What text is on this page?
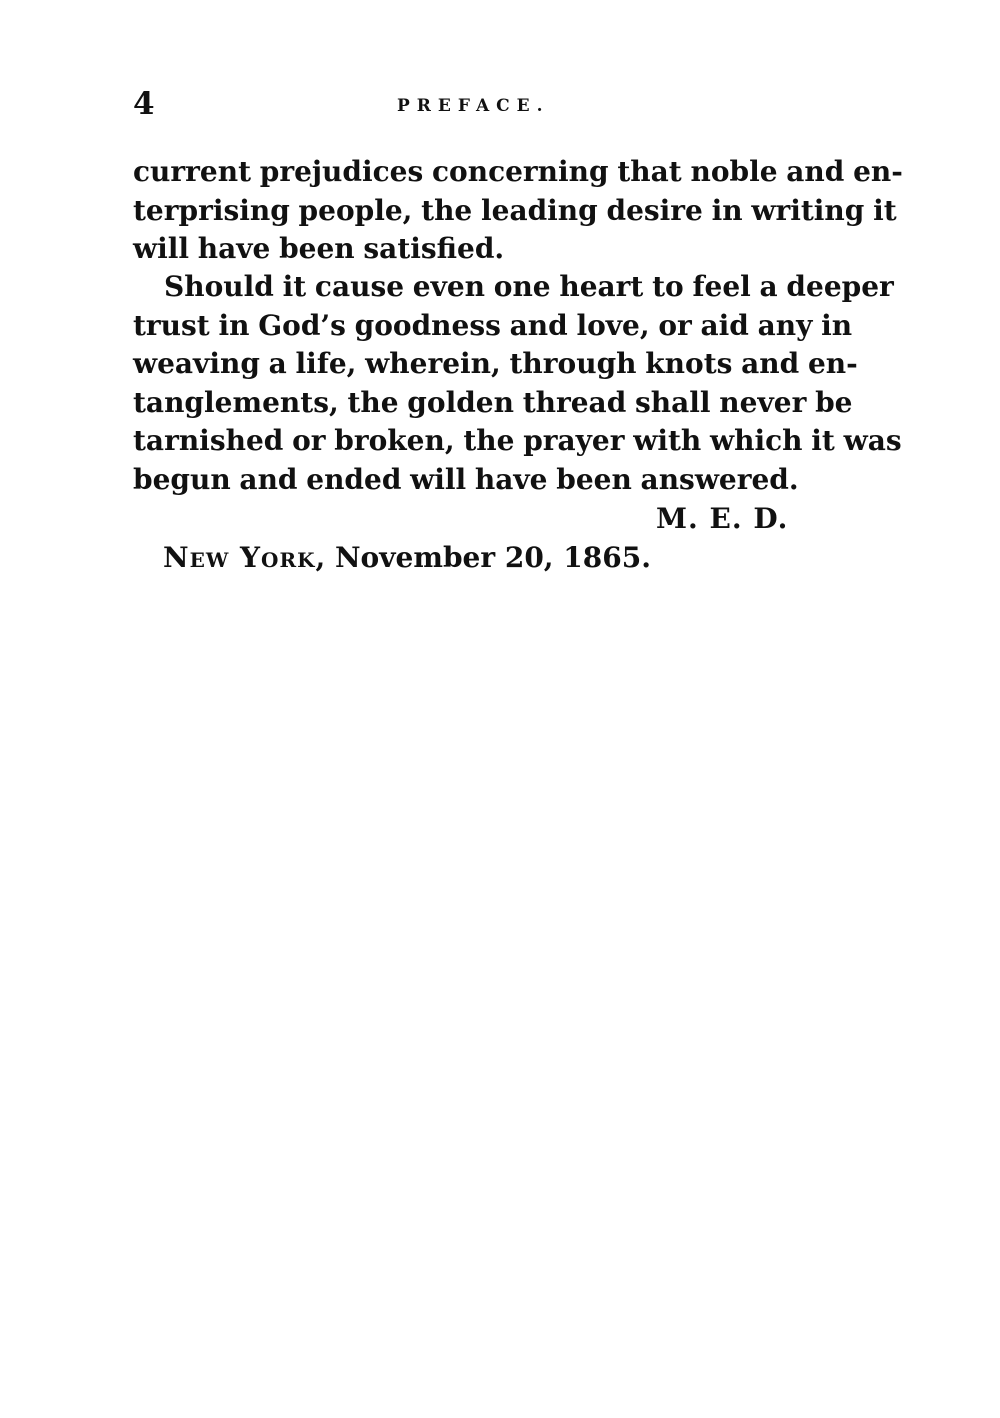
4	PREFACE.
current prejudices concerning that noble and en-
terprising people, the leading desire in writing it
will have been satisfied.
Should it cause even one heart to feel a deeper
trust in God’s goodness and love, or aid any in
weaving a life, wherein, through knots and en-
tanglements, the golden thread shall never be
tarnished or broken, the prayer with which it was
begun and ended will have been answered.
M. E. D.
New York, November 20, 1865.
